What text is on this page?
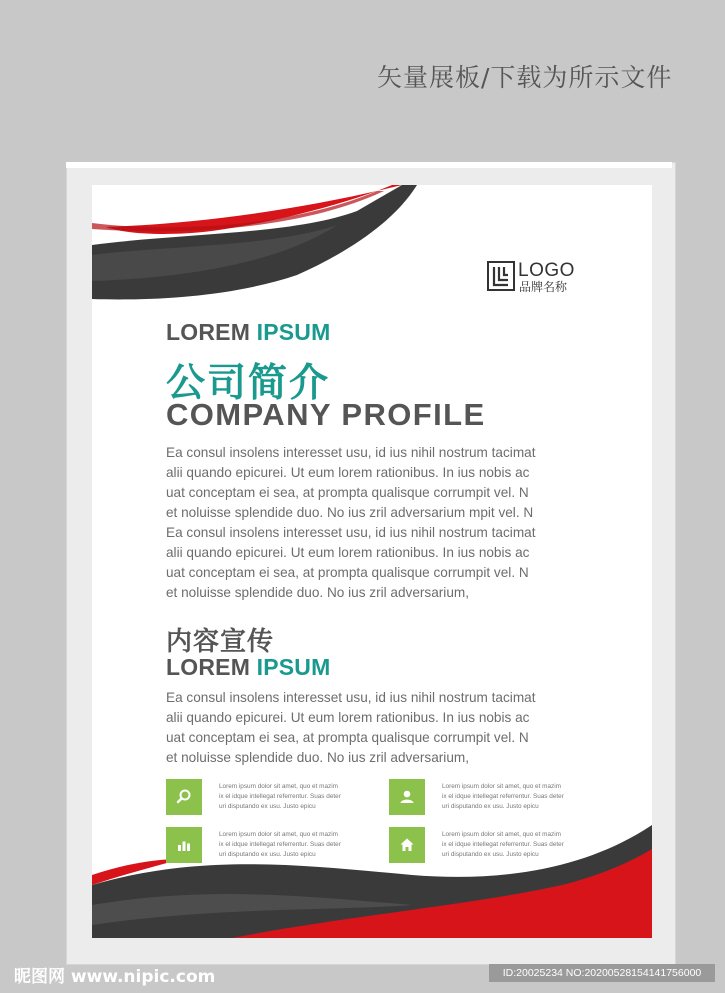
矢量展板/下载为所示文件
LOGO
品牌名称
LOREM IPSUM
公司简介
COMPANY PROFILE

Ea consul insolens interesset usu, id ius nihil nostrum tacimat

alii quando epicurei. Ut eum lorem rationibus. In ius nobis ac

uat conceptam ei sea, at prompta qualisque corrumpit vel. N

et noluisse splendide duo. No ius zril adversarium mpit vel. N

Ea consul insolens interesset usu, id ius nihil nostrum tacimat

alii quando epicurei. Ut eum lorem rationibus. In ius nobis ac

uat conceptam ei sea, at prompta qualisque corrumpit vel. N

et noluisse splendide duo. No ius zril adversarium,

内容宣传
LOREM IPSUM

Ea consul insolens interesset usu, id ius nihil nostrum tacimat

alii quando epicurei. Ut eum lorem rationibus. In ius nobis ac

uat conceptam ei sea, at prompta qualisque corrumpit vel. N

et noluisse splendide duo. No ius zril adversarium,

Lorem ipsum dolor sit amet, quo et mazim

ix el idque intellegat referrentur. Suas deter

uri disputando ex usu. Justo epicu

Lorem ipsum dolor sit amet, quo et mazim

ix el idque intellegat referrentur. Suas deter

uri disputando ex usu. Justo epicu

Lorem ipsum dolor sit amet, quo et mazim

ix el idque intellegat referrentur. Suas deter

uri disputando ex usu. Justo epicu

Lorem ipsum dolor sit amet, quo et mazim

ix el idque intellegat referrentur. Suas deter

uri disputando ex usu. Justo epicu

昵图网 www.nipic.com	ID:20025234 NO:20200528154141756000
